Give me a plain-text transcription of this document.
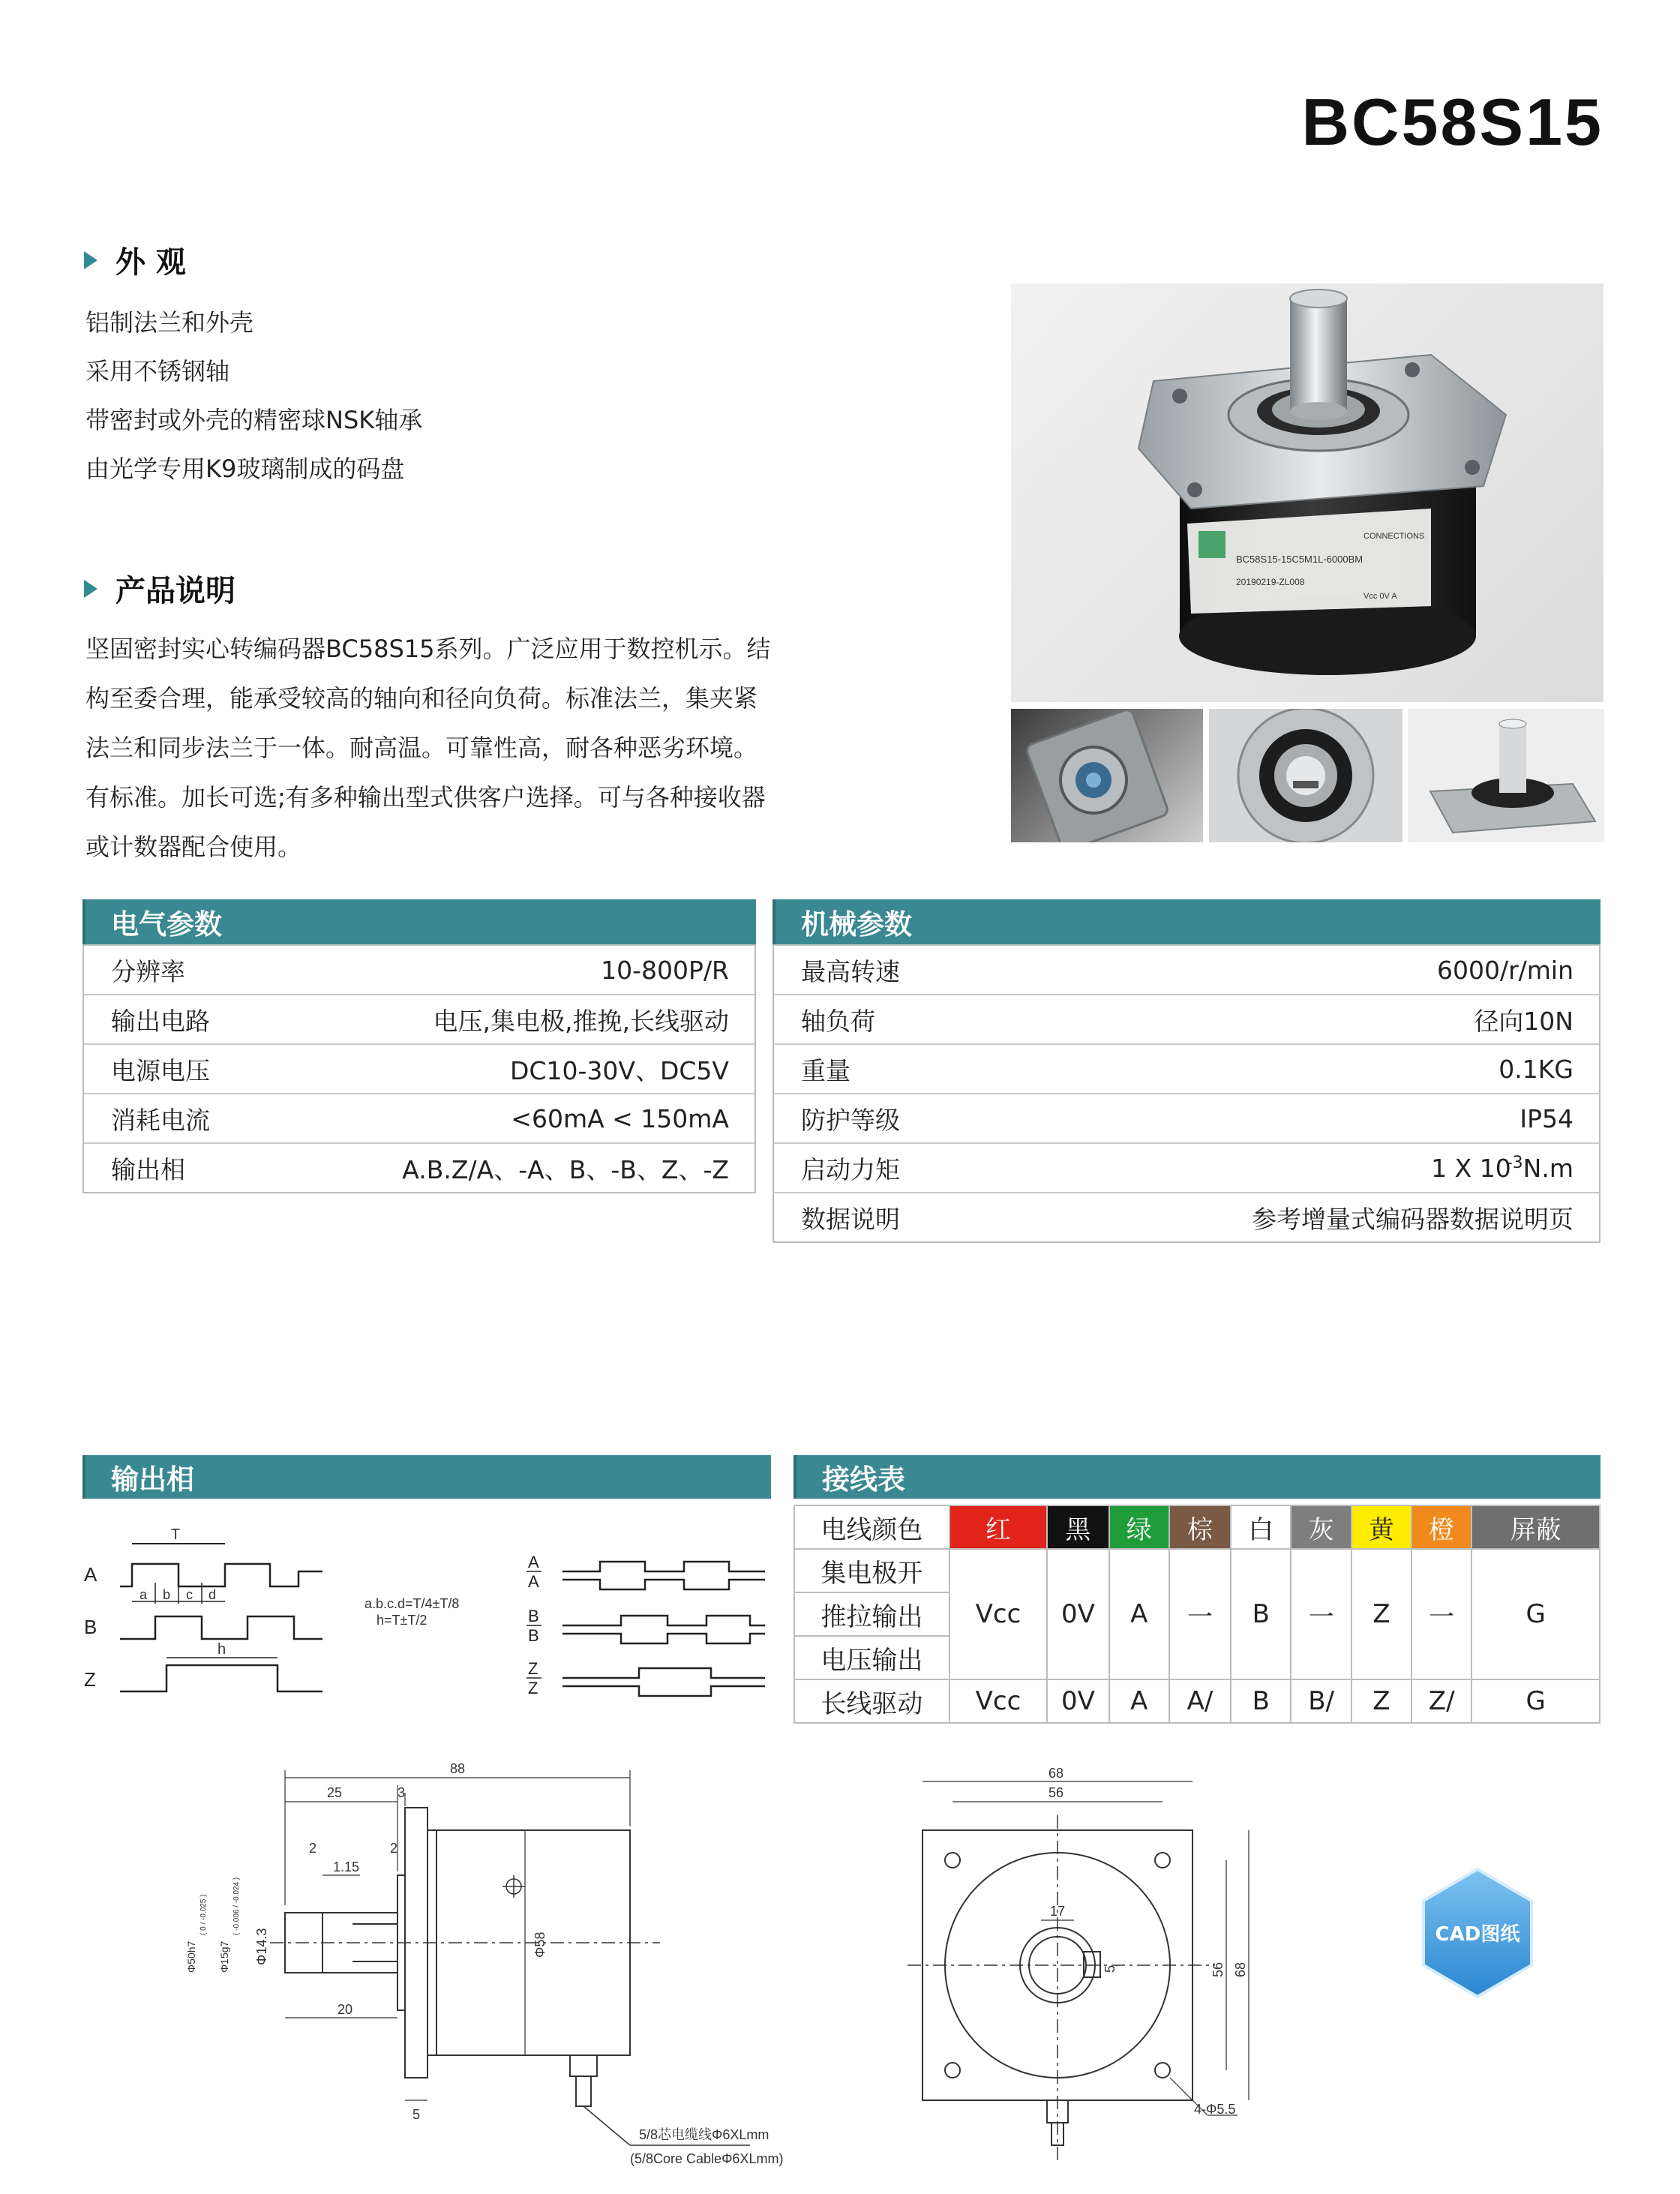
BC58S15
外 观
铝制法兰和外壳
采用不锈钢轴
带密封或外壳的精密球NSK轴承
由光学专用K9玻璃制成的码盘
产品说明
坚固密封实心转编码器BC58S15系列。广泛应用于数控机示。结
构至委合理，能承受较高的轴向和径向负荷。标准法兰，集夹紧
法兰和同步法兰于一体。耐高温。可靠性高，耐各种恶劣环境。
有标准。加长可选;有多种输出型式供客户选择。可与各种接收器
或计数器配合使用。
BC58S15-15C5M1L-6000BM
20190219-ZL008
CONNECTIONS
Vcc 0V A
电气参数
分辨率	10-800P/R
输出电路	电压,集电极,推挽,长线驱动
电源电压	DC10-30V、DC5V
消耗电流	<60mA < 150mA
输出相	A.B.Z/A、-A、B、-B、Z、-Z
机械参数
最高转速	6000/r/min
轴负荷	径向10N
重量	0.1KG
防护等级	IP54
启动力矩	1 X $10^{-3}N.m$
数据说明	参考增量式编码器数据说明页
输出相
A
B
Z
T
a b c d
h
a.b.c.d=T/4±T/8
h=T±T/2
A
A
B
B
Z
Z
接线表
电线颜色	红	黑	绿	棕	白	灰	黄	橙	屏蔽
集电极开	Vcc	0V	A	一	B	一	Z	一	G
推拉输出									
电压输出									
长线驱动	Vcc	0V	A	A/	B	B/	Z	Z/	G
88
25	3
2	2
1.15
20
5
Φ58
Φ14.3
Φ50h7
( 0 / -0.025 )
Φ15g7
( -0.006 / -0.024 )
5/8芯电缆线Φ6XLmm
(5/8Core CableΦ6XLmm)
68
56
17
5	56 68
4-Φ5.5
CAD图纸
